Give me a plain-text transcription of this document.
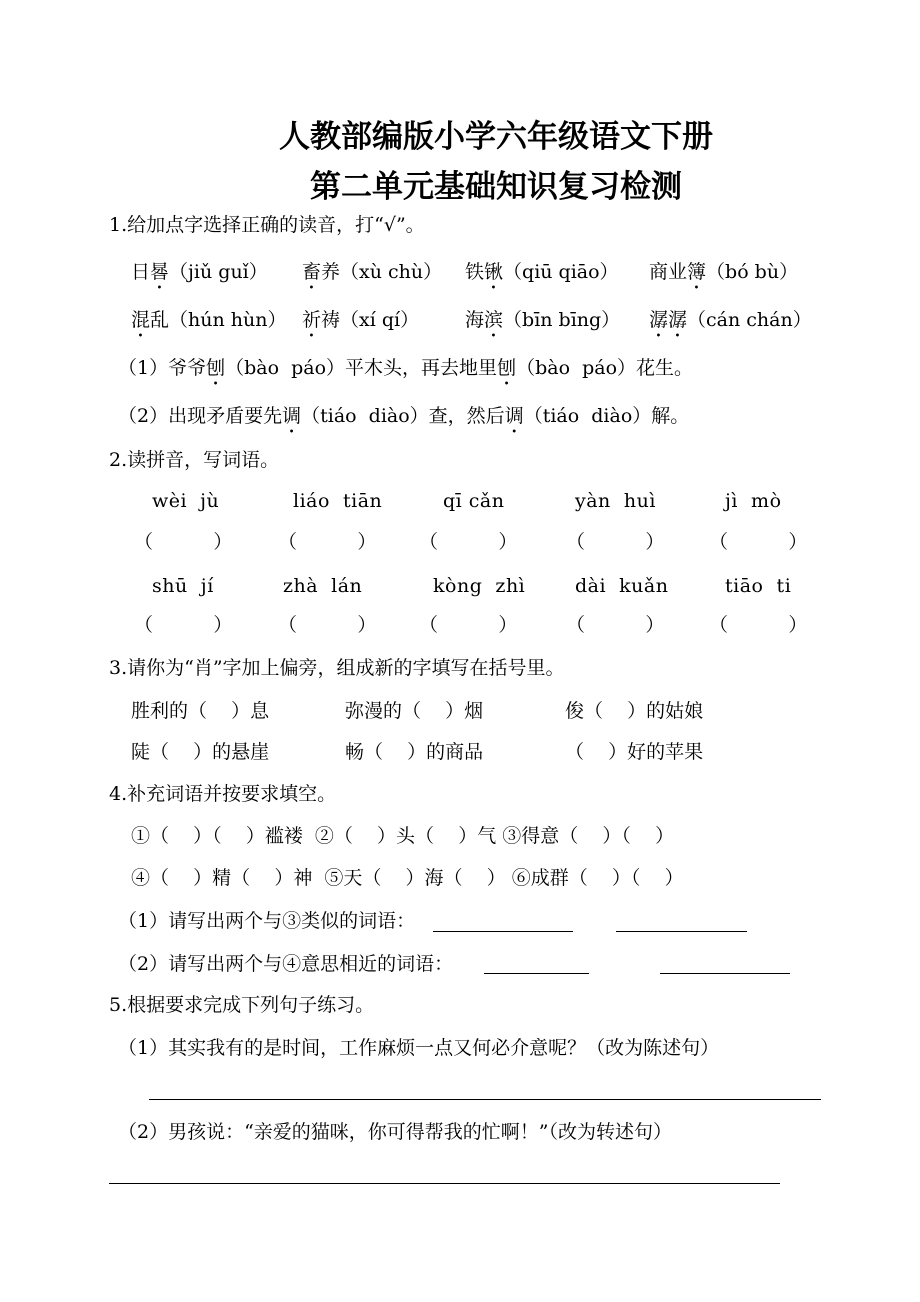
人教部编版小学六年级语文下册
第二单元基础知识复习检测
1.给加点字选择正确的读音，打“√”。
日晷（jiǔ guǐ） 畜养（xù chù） 铁锹（qiū qiāo） 商业簿（bó bù）
混乱（hún hùn） 祈祷（xí qí） 海滨（bīn bīng） 潺潺（cán chán）
（1）爷爷刨（bào  páo）平木头，再去地里刨（bào  páo）花生。
（2）出现矛盾要先调（tiáo  diào）查，然后调（tiáo  diào）解。
2.读拼音，写词语。
wèi  jù	liáo  tiān	qī cǎn	yàn  huì	jì  mò
（          ）	（          ）	（          ）	（          ）	（          ）
shū  jí	zhà  lán	kòng  zhì	dài  kuǎn	tiāo  ti
（          ）	（          ）	（          ）	（          ）	（          ）
3.请你为“肖”字加上偏旁，组成新的字填写在括号里。
胜利的（    ）息	弥漫的（    ）烟	俊（    ）的姑娘
陡（    ）的悬崖	畅（    ）的商品	（    ）好的苹果
4.补充词语并按要求填空。
①（    ）（    ）褴褛  ②（    ）头（    ）气 ③得意（    ）（    ）
④（    ）精（    ）神  ⑤天（    ）海（    ） ⑥成群（    ）（    ）
（1）请写出两个与③类似的词语：
（2）请写出两个与④意思相近的词语：
5.根据要求完成下列句子练习。
（1）其实我有的是时间，工作麻烦一点又何必介意呢？（改为陈述句）
（2）男孩说：“亲爱的猫咪，你可得帮我的忙啊！”（改为转述句）
